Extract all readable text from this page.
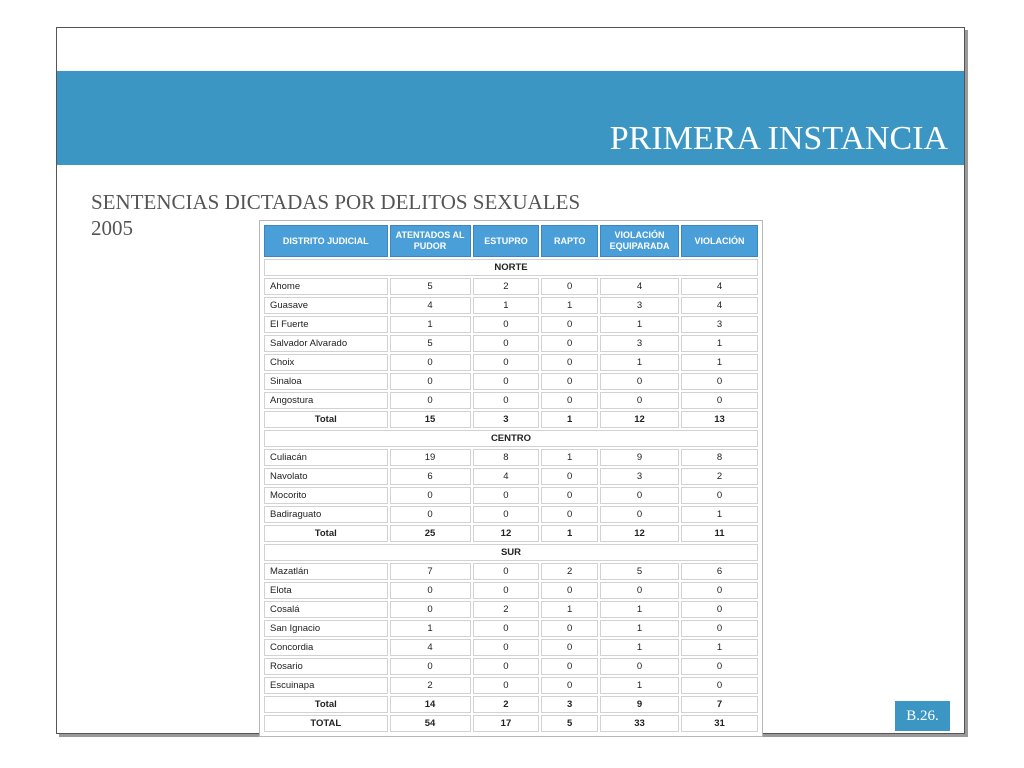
PRIMERA INSTANCIA
SENTENCIAS DICTADAS POR DELITOS SEXUALES
2005
DISTRITO JUDICIAL	ATENTADOS AL PUDOR	ESTUPRO	RAPTO	VIOLACIÓN EQUIPARADA	VIOLACIÓN
NORTE					
Ahome	5	2	0	4	4
Guasave	4	1	1	3	4
El Fuerte	1	0	0	1	3
Salvador Alvarado	5	0	0	3	1
Choix	0	0	0	1	1
Sinaloa	0	0	0	0	0
Angostura	0	0	0	0	0
Total	15	3	1	12	13
CENTRO					
Culiacán	19	8	1	9	8
Navolato	6	4	0	3	2
Mocorito	0	0	0	0	0
Badiraguato	0	0	0	0	1
Total	25	12	1	12	11
SUR					
Mazatlán	7	0	2	5	6
Elota	0	0	0	0	0
Cosalá	0	2	1	1	0
San Ignacio	1	0	0	1	0
Concordia	4	0	0	1	1
Rosario	0	0	0	0	0
Escuinapa	2	0	0	1	0
Total	14	2	3	9	7
TOTAL	54	17	5	33	31	B.26.
